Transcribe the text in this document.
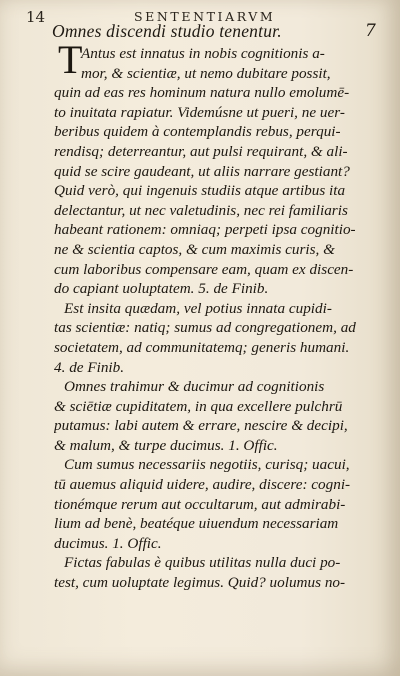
14	SENTENTIARVM
Omnes discendi studio tenentur.	7
T
Antus est innatus in nobis cognitionis a-
mor, & scientiæ, ut nemo dubitare possit,
quin ad eas res hominum natura nullo emolumē-
to inuitata rapiatur. Videmúsne ut pueri, ne uer-
beribus quidem à contemplandis rebus, perqui-
rendisq; deterreantur, aut pulsi requirant, & ali-
quid se scire gaudeant, ut aliis narrare gestiant?
Quid verò, qui ingenuis studiis atque artibus ita
delectantur, ut nec valetudinis, nec rei familiaris
habeant rationem: omniaq; perpeti ipsa cognitio-
ne & scientia captos, & cum maximis curis, &
cum laboribus compensare eam, quam ex discen-
do capiant uoluptatem. 5. de Finib.
Est insita quædam, vel potius innata cupidi-
tas scientiæ: natiq; sumus ad congregationem, ad
societatem, ad communitatemq; generis humani.
4. de Finib.
Omnes trahimur & ducimur ad cognitionis
& sciētiæ cupiditatem, in qua excellere pulchrū
putamus: labi autem & errare, nescire & decipi,
& malum, & turpe ducimus. 1. Offic.
Cum sumus necessariis negotiis, curisq; uacui,
tū auemus aliquid uidere, audire, discere: cogni-
tionémque rerum aut occultarum, aut admirabi-
lium ad benè, beatéque uiuendum necessariam
ducimus. 1. Offic.
Fictas fabulas è quibus utilitas nulla duci po-
test, cum uoluptate legimus. Quid? uolumus no-
